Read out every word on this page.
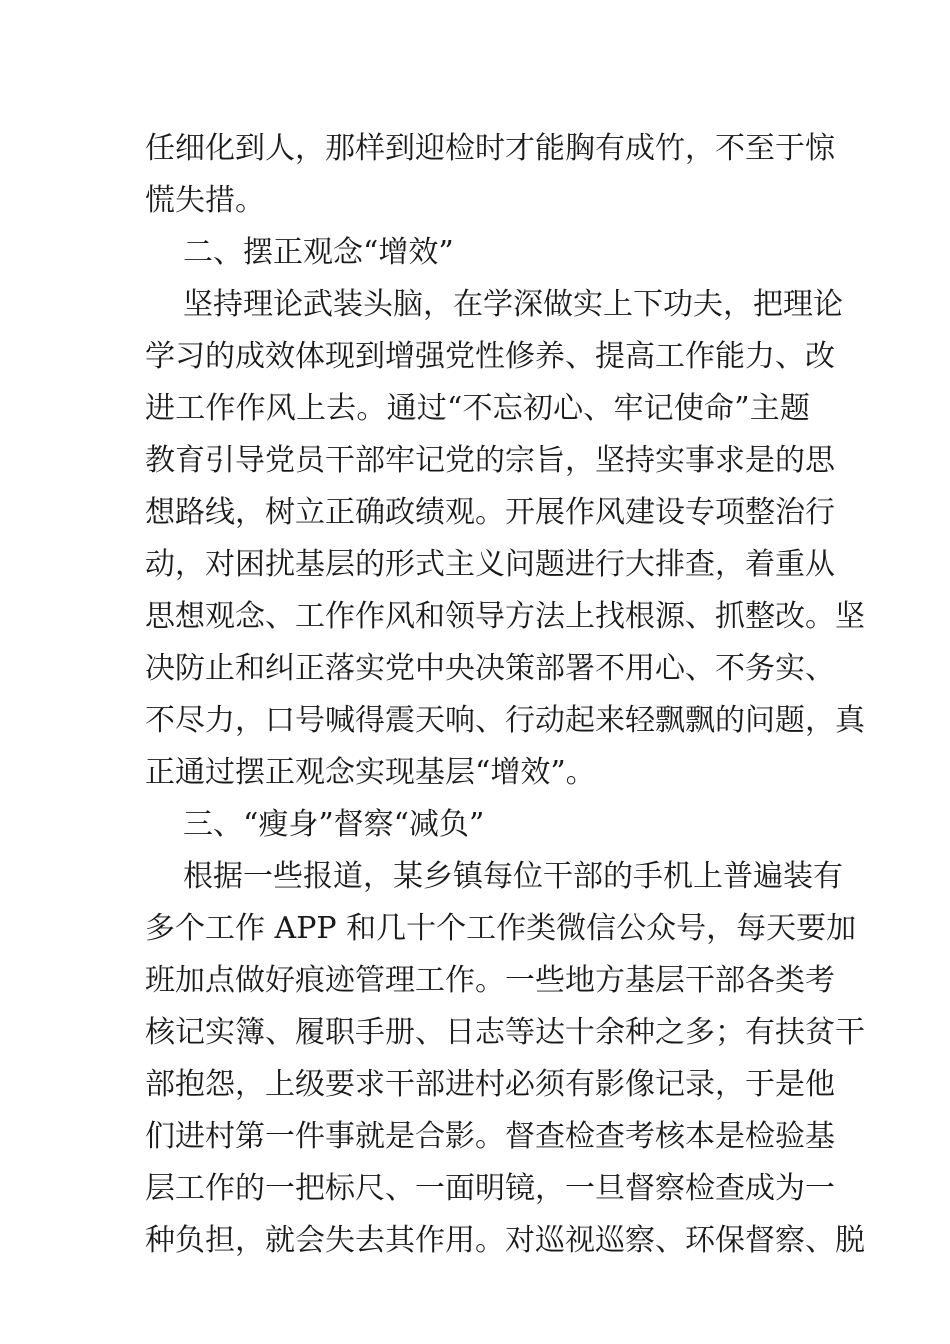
任细化到人，那样到迎检时才能胸有成竹，不至于惊
慌失措。
二、摆正观念“增效”
坚持理论武装头脑，在学深做实上下功夫，把理论
学习的成效体现到增强党性修养、提高工作能力、改
进工作作风上去。通过“不忘初心、牢记使命”主题
教育引导党员干部牢记党的宗旨，坚持实事求是的思
想路线，树立正确政绩观。开展作风建设专项整治行
动，对困扰基层的形式主义问题进行大排查，着重从
思想观念、工作作风和领导方法上找根源、抓整改。坚
决防止和纠正落实党中央决策部署不用心、不务实、
不尽力，口号喊得震天响、行动起来轻飘飘的问题，真
正通过摆正观念实现基层“增效”。
三、“瘦身”督察“减负”
根据一些报道，某乡镇每位干部的手机上普遍装有
多个工作 APP 和几十个工作类微信公众号，每天要加
班加点做好痕迹管理工作。一些地方基层干部各类考
核记实簿、履职手册、日志等达十余种之多；有扶贫干
部抱怨，上级要求干部进村必须有影像记录，于是他
们进村第一件事就是合影。督查检查考核本是检验基
层工作的一把标尺、一面明镜，一旦督察检查成为一
种负担，就会失去其作用。对巡视巡察、环保督察、脱
